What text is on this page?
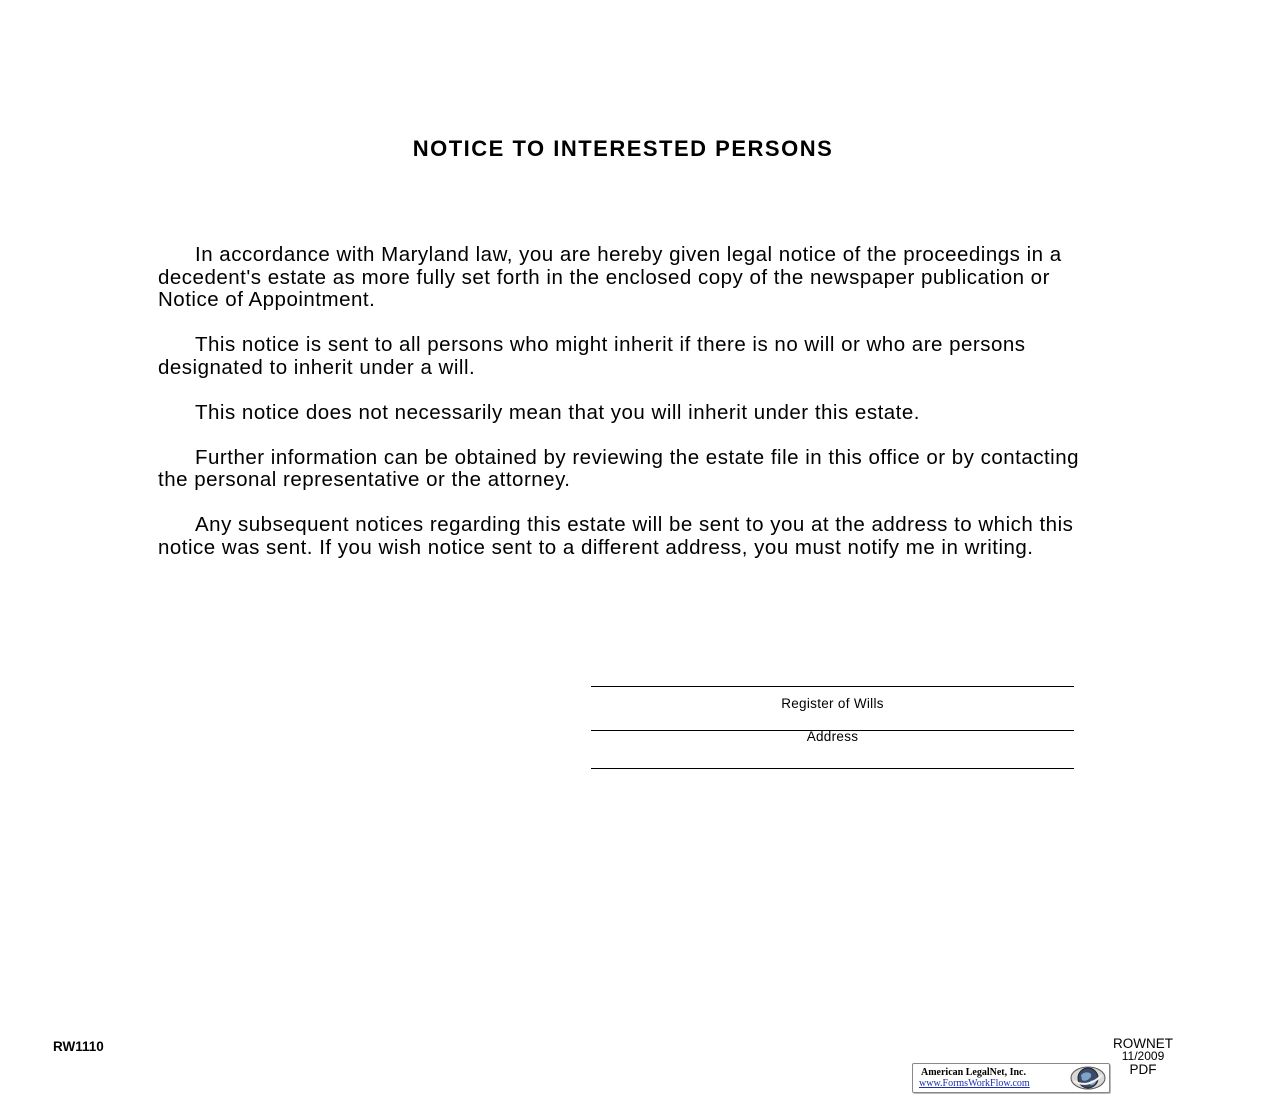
NOTICE TO INTERESTED PERSONS

In accordance with Maryland law, you are hereby given legal notice of the proceedings in a decedent's estate as more fully set forth in the enclosed copy of the newspaper publication or Notice of Appointment.

This notice is sent to all persons who might inherit if there is no will or who are persons designated to inherit under a will.

This notice does not necessarily mean that you will inherit under this estate.

Further information can be obtained by reviewing the estate file in this office or by contacting the personal representative or the attorney.

Any subsequent notices regarding this estate will be sent to you at the address to which this notice was sent. If you wish notice sent to a different address, you must notify me in writing.

Register of Wills
Address
RW1110	ROWNET
11/2009
PDF
American LegalNet, Inc.
www.FormsWorkFlow.com
